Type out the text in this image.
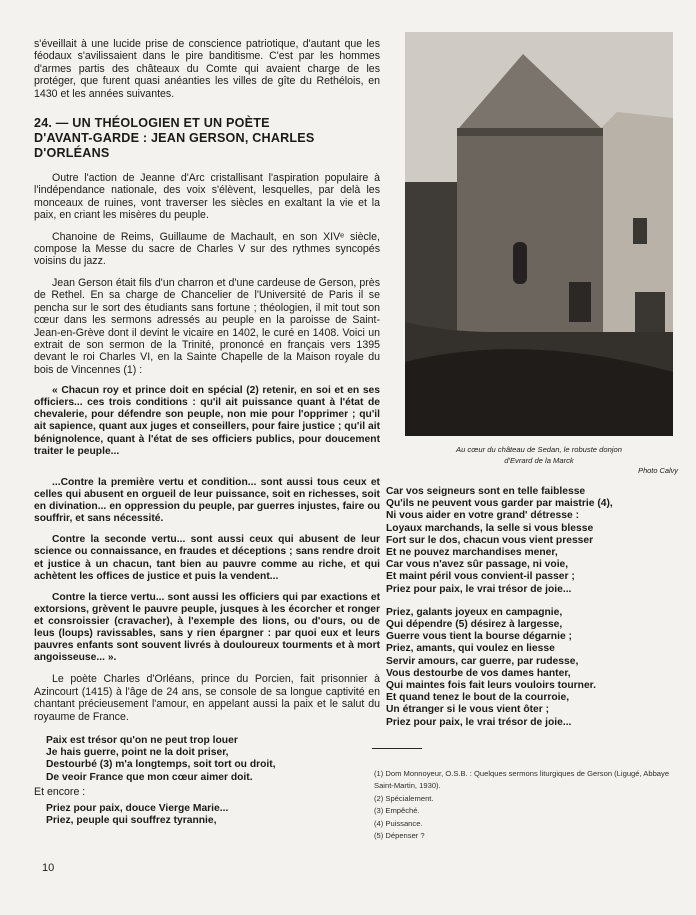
s'éveillait à une lucide prise de conscience patriotique, d'autant que les féodaux s'avilissaient dans le pire banditisme. C'est par les hommes d'armes partis des châteaux du Comte qui avaient charge de les protéger, que furent quasi anéanties les villes de gîte du Rethélois, en 1430 et les années suivantes.

24. — UN THÉOLOGIEN ET UN POÈTE
D'AVANT-GARDE : JEAN GERSON, CHARLES D'ORLÉANS

Outre l'action de Jeanne d'Arc cristallisant l'aspiration populaire à l'indépendance nationale, des voix s'élèvent, lesquelles, par delà les monceaux de ruines, vont traverser les siècles en exaltant la vie et la paix, en criant les misères du peuple.

Chanoine de Reims, Guillaume de Machault, en son XIVᵉ siècle, compose la Messe du sacre de Charles V sur des rythmes syncopés voisins du jazz.

Jean Gerson était fils d'un charron et d'une cardeuse de Gerson, près de Rethel. En sa charge de Chancelier de l'Université de Paris il se pencha sur le sort des étudiants sans fortune ; théologien, il mit tout son cœur dans les sermons adressés au peuple en la paroisse de Saint-Jean-en-Grève dont il devint le vicaire en 1402, le curé en 1408. Voici un extrait de son sermon de la Trinité, prononcé en français vers 1395 devant le roi Charles VI, en la Sainte Chapelle de la Maison royale du bois de Vincennes (1) :

« Chacun roy et prince doit en spécial (2) retenir, en soi et en ses officiers... ces trois conditions : qu'il ait puissance quant à l'état de chevalerie, pour défendre son peuple, non mie pour l'opprimer ; qu'il ait sapience, quant aux juges et conseillers, pour faire justice ; qu'il ait bénignolence, quant à l'état de ses officiers publics, pour doucement traiter le peuple...	Au cœur du château de Sedan, le robuste donjon
d'Evrard de la Marck
Photo Calvy

...Contre la première vertu et condition... sont aussi tous ceux et celles qui abusent en orgueil de leur puissance, soit en richesses, soit en divination... en oppression du peuple, par guerres injustes, faire ou souffrir, et sans nécessité.

Contre la seconde vertu... sont aussi ceux qui abusent de leur science ou connaissance, en fraudes et déceptions ; sans rendre droit et justice à un chacun, tant bien au pauvre comme au riche, et qui achètent les offices de justice et puis la vendent...

Contre la tierce vertu... sont aussi les officiers qui par exactions et extorsions, grèvent le pauvre peuple, jusques à les écorcher et ronger et consroissier (cravacher), à l'exemple des lions, ou d'ours, ou de leus (loups) ravissables, sans y rien épargner : par quoi eux et leurs pauvres enfants sont souvent livrés à douloureux tourments et à mort angoisseuse... ».

Le poète Charles d'Orléans, prince du Porcien, fait prisonnier à Azincourt (1415) à l'âge de 24 ans, se console de sa longue captivité en chantant précieusement l'amour, en appelant aussi la paix et le salut du royaume de France.

Paix est trésor qu'on ne peut trop louer
Je hais guerre, point ne la doit priser,
Destourbé (3) m'a longtemps, soit tort ou droit,
De veoir France que mon cœur aimer doit.
Et encore :
Priez pour paix, douce Vierge Marie...
Priez, peuple qui souffrez tyrannie,
Car vos seigneurs sont en telle faiblesse
Qu'ils ne peuvent vous garder par maistrie (4),
Ni vous aider en votre grand' détresse :
Loyaux marchands, la selle si vous blesse
Fort sur le dos, chacun vous vient presser
Et ne pouvez marchandises mener,
Car vous n'avez sûr passage, ni voie,
Et maint péril vous convient-il passer ;
Priez pour paix, le vrai trésor de joie...
Priez, galants joyeux en campagnie,
Qui dépendre (5) désirez à largesse,
Guerre vous tient la bourse dégarnie ;
Priez, amants, qui voulez en liesse
Servir amours, car guerre, par rudesse,
Vous destourbe de vos dames hanter,
Qui maintes fois fait leurs vouloirs tourner.
Et quand tenez le bout de la courroie,
Un étranger si le vous vient ôter ;
Priez pour paix, le vrai trésor de joie...
(1) Dom Monnoyeur, O.S.B. : Quelques sermons liturgiques de Gerson (Ligugé, Abbaye Saint-Martin, 1930).
(2) Spécialement.
(3) Empêché.
(4) Puissance.
(5) Dépenser ?
10
